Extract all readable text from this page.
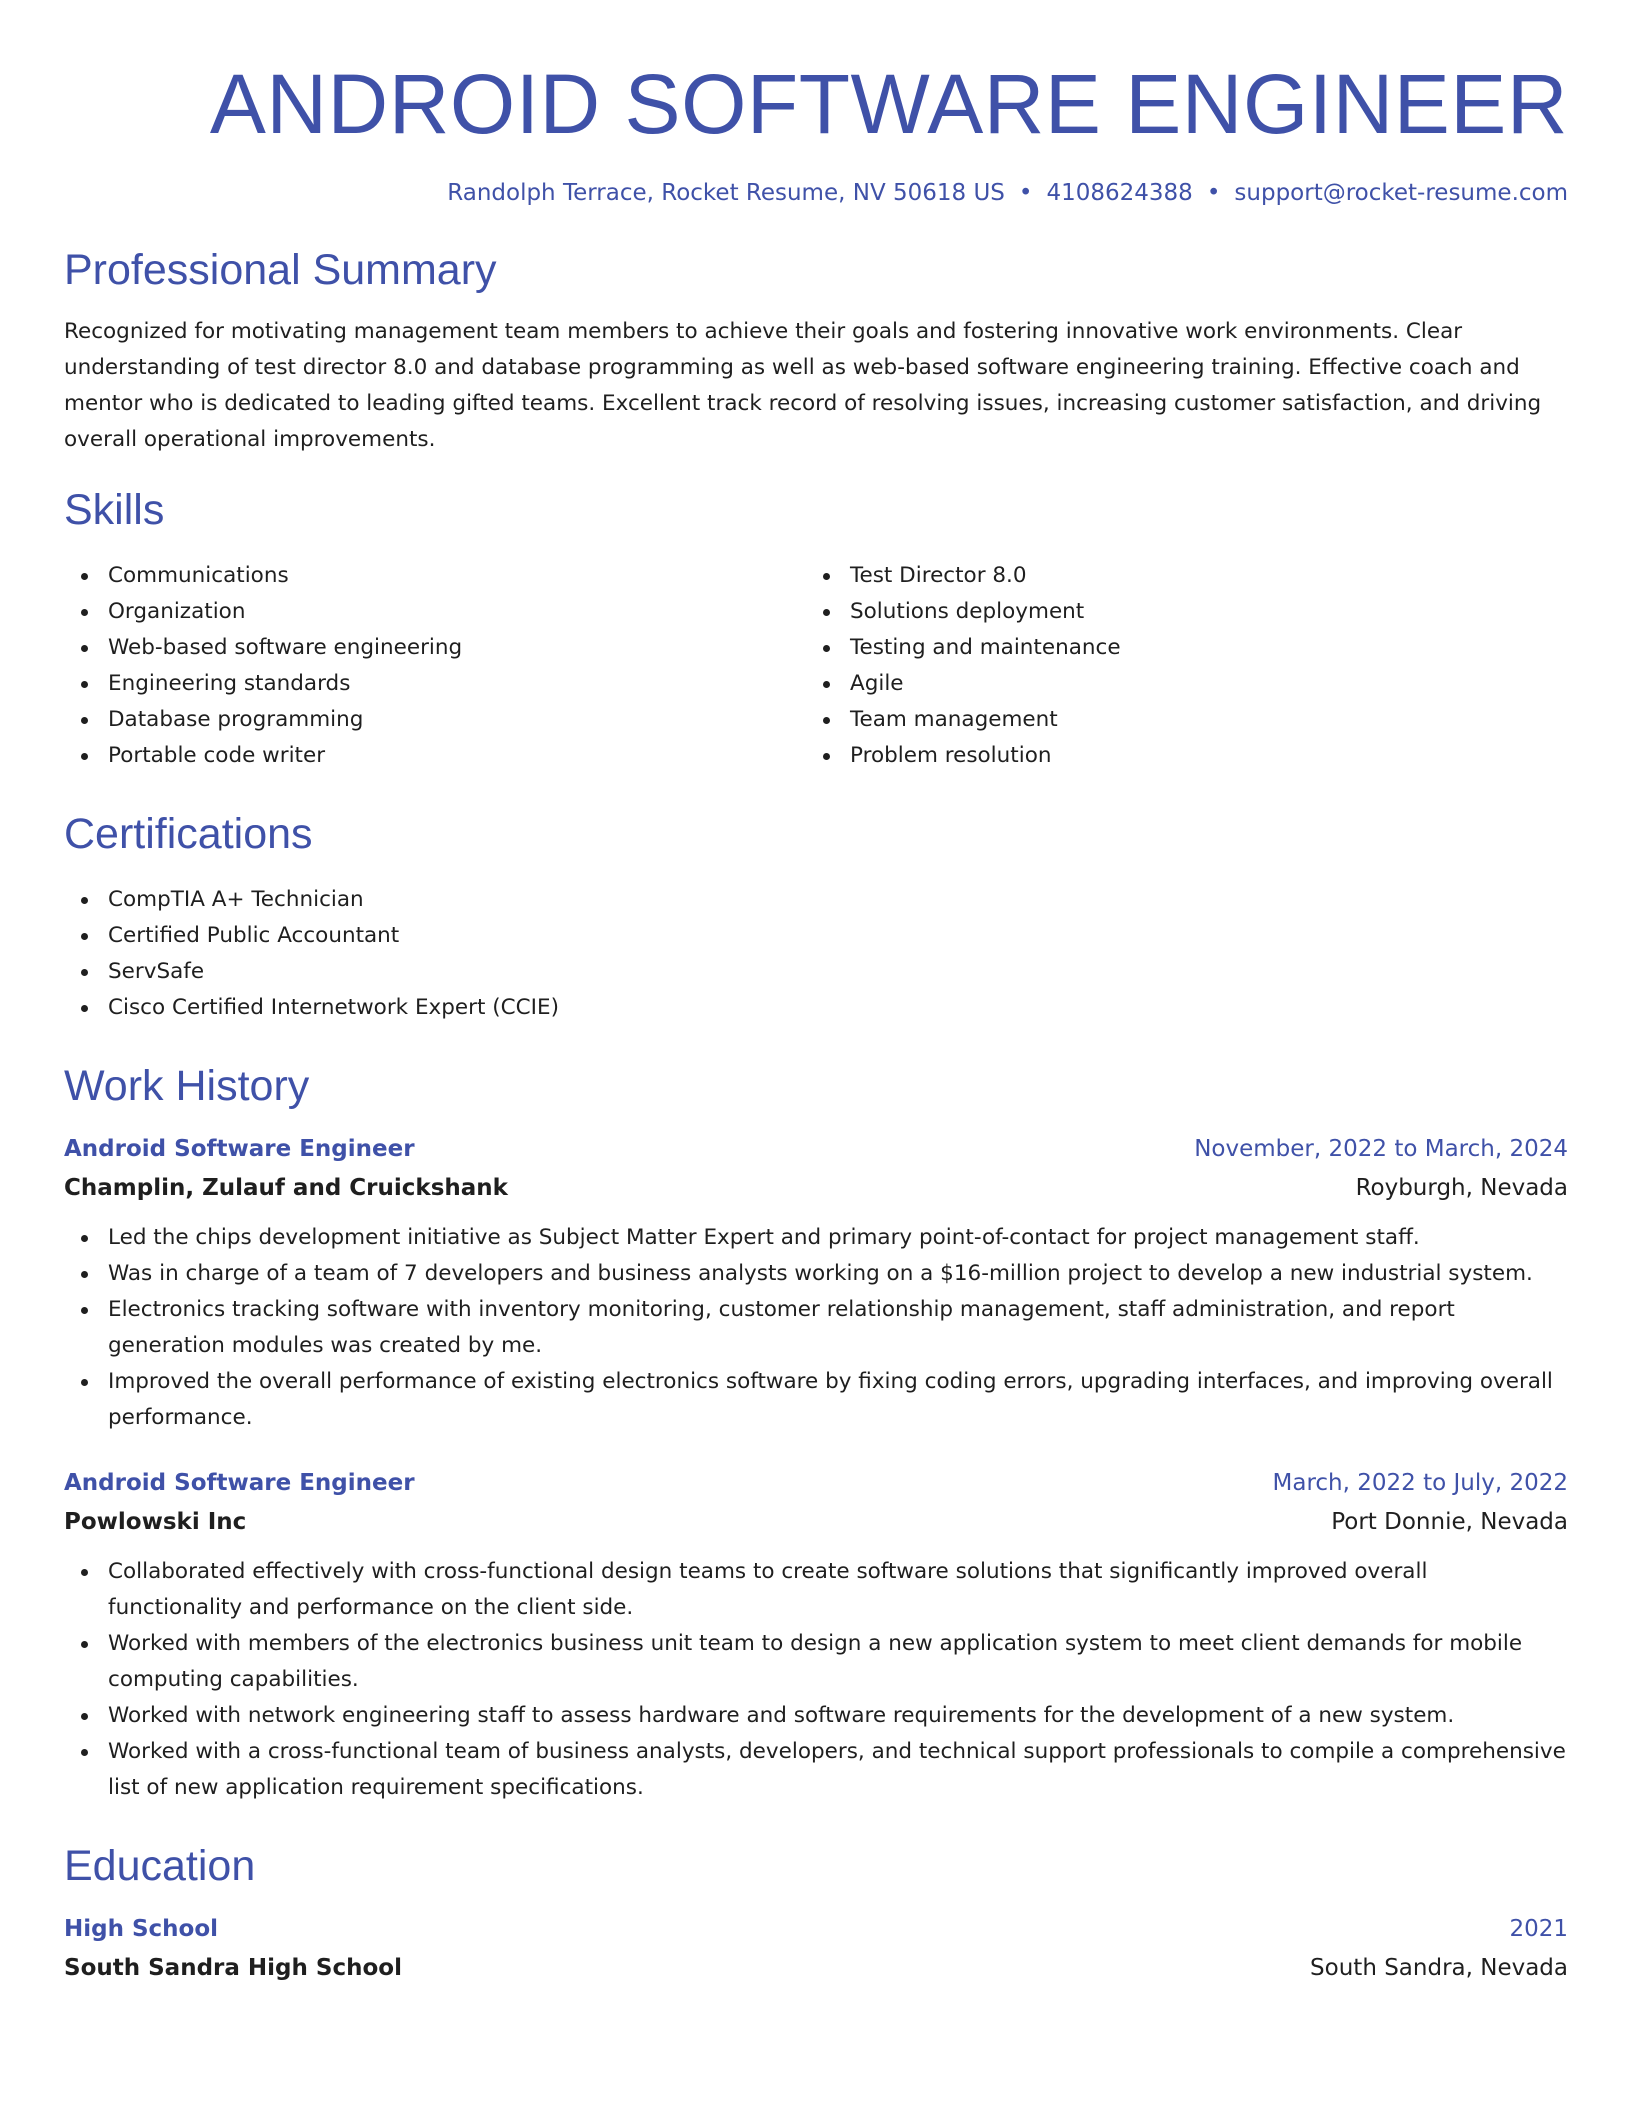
ANDROID SOFTWARE ENGINEER
Randolph Terrace, Rocket Resume, NV 50618 US • 4108624388 • support@rocket-resume.com
Professional Summary

Recognized for motivating management team members to achieve their goals and fostering innovative work environments. Clear understanding of test director 8.0 and database programming as well as web-based software engineering training. Effective coach and mentor who is dedicated to leading gifted teams. Excellent track record of resolving issues, increasing customer satisfaction, and driving overall operational improvements.

Skills
Communications
Organization
Web-based software engineering
Engineering standards
Database programming
Portable code writer
Test Director 8.0
Solutions deployment
Testing and maintenance
Agile
Team management
Problem resolution
Certifications
CompTIA A+ Technician
Certified Public Accountant
ServSafe
Cisco Certified Internetwork Expert (CCIE)
Work History
Android Software Engineer	November, 2022 to March, 2024
Champlin, Zulauf and Cruickshank	Royburgh, Nevada
Led the chips development initiative as Subject Matter Expert and primary point-of-contact for project management staff.
Was in charge of a team of 7 developers and business analysts working on a $16-million project to develop a new industrial system.
Electronics tracking software with inventory monitoring, customer relationship management, staff administration, and report generation modules was created by me.
Improved the overall performance of existing electronics software by fixing coding errors, upgrading interfaces, and improving overall performance.
Android Software Engineer	March, 2022 to July, 2022
Powlowski Inc	Port Donnie, Nevada
Collaborated effectively with cross-functional design teams to create software solutions that significantly improved overall functionality and performance on the client side.
Worked with members of the electronics business unit team to design a new application system to meet client demands for mobile computing capabilities.
Worked with network engineering staff to assess hardware and software requirements for the development of a new system.
Worked with a cross-functional team of business analysts, developers, and technical support professionals to compile a comprehensive list of new application requirement specifications.
Education
High School	2021
South Sandra High School	South Sandra, Nevada
